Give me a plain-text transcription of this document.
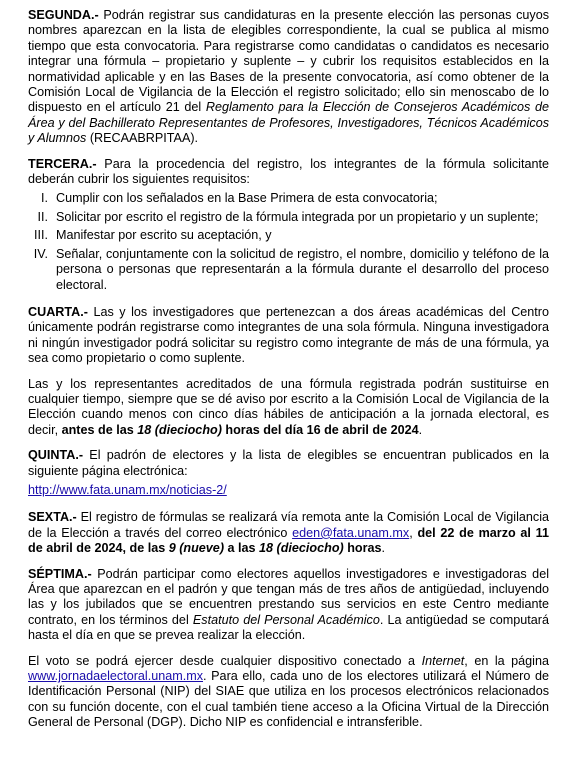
SEGUNDA.- Podrán registrar sus candidaturas en la presente elección las personas cuyos nombres aparezcan en la lista de elegibles correspondiente, la cual se publica al mismo tiempo que esta convocatoria. Para registrarse como candidatas o candidatos es necesario integrar una fórmula – propietario y suplente – y cubrir los requisitos establecidos en la normatividad aplicable y en las Bases de la presente convocatoria, así como obtener de la Comisión Local de Vigilancia de la Elección el registro solicitado; ello sin menoscabo de lo dispuesto en el artículo 21 del Reglamento para la Elección de Consejeros Académicos de Área y del Bachillerato Representantes de Profesores, Investigadores, Técnicos Académicos y Alumnos (RECAABRPITAA).

TERCERA.- Para la procedencia del registro, los integrantes de la fórmula solicitante deberán cubrir los siguientes requisitos:

I. Cumplir con los señalados en la Base Primera de esta convocatoria;
II. Solicitar por escrito el registro de la fórmula integrada por un propietario y un suplente;
III. Manifestar por escrito su aceptación, y
IV. Señalar, conjuntamente con la solicitud de registro, el nombre, domicilio y teléfono de la persona o personas que representarán a la fórmula durante el desarrollo del proceso electoral.

CUARTA.- Las y los investigadores que pertenezcan a dos áreas académicas del Centro únicamente podrán registrarse como integrantes de una sola fórmula. Ninguna investigadora ni ningún investigador podrá solicitar su registro como integrante de más de una fórmula, ya sea como propietario o como suplente.

Las y los representantes acreditados de una fórmula registrada podrán sustituirse en cualquier tiempo, siempre que se dé aviso por escrito a la Comisión Local de Vigilancia de la Elección cuando menos con cinco días hábiles de anticipación a la jornada electoral, es decir, antes de las 18 (dieciocho) horas del día 16 de abril de 2024.

QUINTA.- El padrón de electores y la lista de elegibles se encuentran publicados en la siguiente página electrónica:

http://www.fata.unam.mx/noticias-2/

SEXTA.- El registro de fórmulas se realizará vía remota ante la Comisión Local de Vigilancia de la Elección a través del correo electrónico eden@fata.unam.mx, del 22 de marzo al 11 de abril de 2024, de las 9 (nueve) a las 18 (dieciocho) horas.

SÉPTIMA.- Podrán participar como electores aquellos investigadores e investigadoras del Área que aparezcan en el padrón y que tengan más de tres años de antigüedad, incluyendo las y los jubilados que se encuentren prestando sus servicios en este Centro mediante contrato, en los términos del Estatuto del Personal Académico. La antigüedad se computará hasta el día en que se prevea realizar la elección.

El voto se podrá ejercer desde cualquier dispositivo conectado a Internet, en la página www.jornadaelectoral.unam.mx. Para ello, cada uno de los electores utilizará el Número de Identificación Personal (NIP) del SIAE que utiliza en los procesos electrónicos relacionados con su función docente, con el cual también tiene acceso a la Oficina Virtual de la Dirección General de Personal (DGP). Dicho NIP es confidencial e intransferible.
